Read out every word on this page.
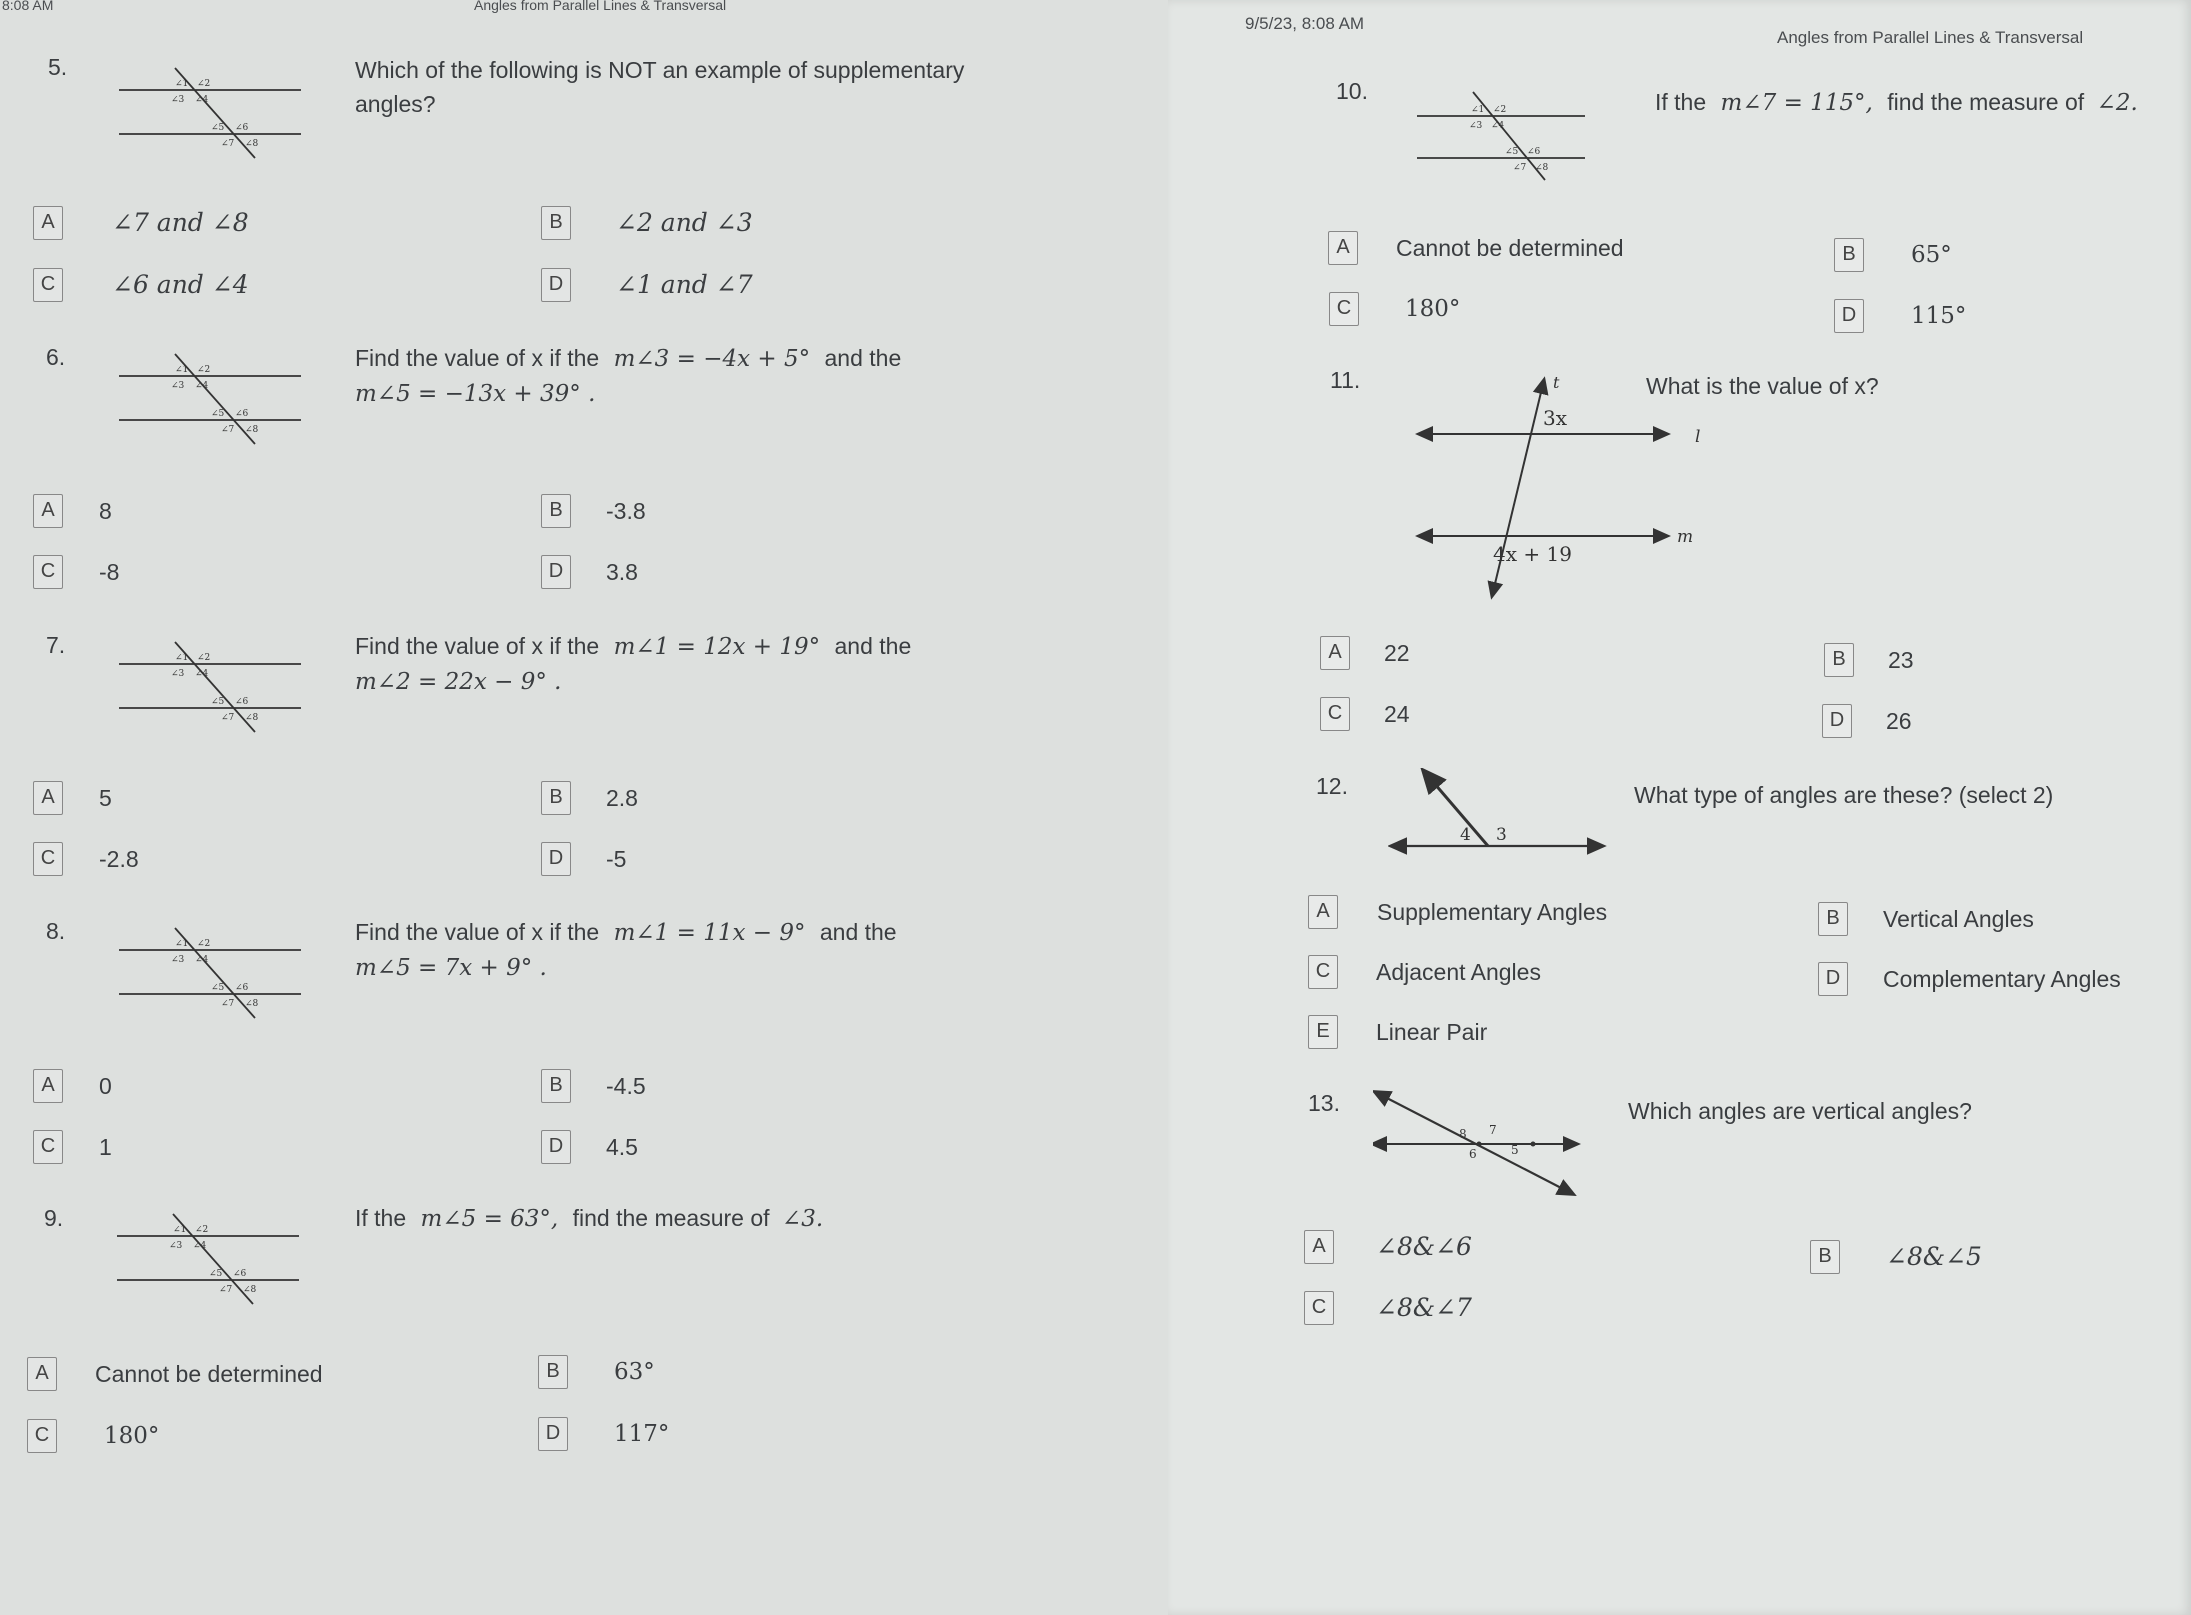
8:08 AM	Angles from Parallel Lines & Transversal
5.
∠1 ∠2
∠3 ∠4
∠5 ∠6
∠7 ∠8
Which of the following is NOT an example of supplementary
angles?
A	∠7 and ∠8	B	∠2 and ∠3
C	∠6 and ∠4	D	∠1 and ∠7
6.	∠1 ∠2
∠3 ∠4
∠5 ∠6
∠7 ∠8
Find the value of x if the m∠3 = −4x + 5° and the
m∠5 = −13x + 39° .
A	8	B	-3.8
C	-8	D	3.8
7.	∠1 ∠2
∠3 ∠4
∠5 ∠6
∠7 ∠8
Find the value of x if the m∠1 = 12x + 19° and the
m∠2 = 22x − 9° .
A	5	B	2.8
C	-2.8	D	-5
8.	∠1 ∠2
∠3 ∠4
∠5 ∠6
∠7 ∠8
Find the value of x if the m∠1 = 11x − 9° and the
m∠5 = 7x + 9° .
A	0	B	-4.5
C	1	D	4.5
9.	∠1 ∠2
∠3 ∠4
∠5 ∠6
∠7 ∠8
If the m∠5 = 63°, find the measure of ∠3.
A	Cannot be determined	B	63°
C	180°	D	117°
9/5/23, 8:08 AM
Angles from Parallel Lines & Transversal
10.
∠1 ∠2
∠3 ∠4
∠5 ∠6
∠7 ∠8
If the m∠7 = 115°, find the measure of ∠2.
A	Cannot be determined	B	65°
C	180°	D	115°
11.	t
l
m
3x
4x + 19
What is the value of x?
A	22	B	23
C	24	D	26
12.
4 3
What type of angles are these? (select 2)
A	Supplementary Angles	B	Vertical Angles
C	Adjacent Angles	D	Complementary Angles
E	Linear Pair
13.
8 7
6	5
Which angles are vertical angles?
A	∠8&∠6	B	∠8&∠5
C	∠8&∠7
